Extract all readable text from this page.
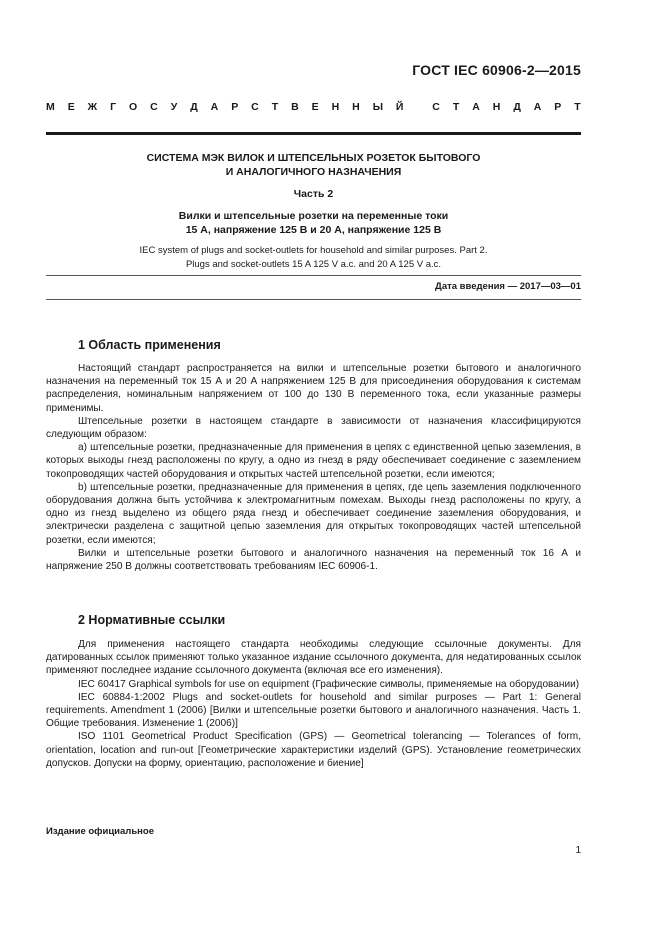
ГОСТ IEC 60906-2—2015
М Е Ж Г О С У Д А Р С Т В Е Н Н Ы Й
	С Т А Н Д А Р Т
СИСТЕМА МЭК ВИЛОК И ШТЕПСЕЛЬНЫХ РОЗЕТОК БЫТОВОГО
И АНАЛОГИЧНОГО НАЗНАЧЕНИЯ
Часть 2
Вилки и штепсельные розетки на переменные токи
15 А, напряжение 125 В и 20 А, напряжение 125 В
IEC system of plugs and socket-outlets for household and similar purposes. Part 2.
Plugs and socket-outlets 15 A 125 V a.c. and 20 A 125 V a.c.
Дата введения — 2017—03—01
1 Область применения

Настоящий стандарт распространяется на вилки и штепсельные розетки бытового и аналогичного назначения на переменный ток 15 А и 20 А напряжением 125 В для присоединения оборудования к системам распределения, номинальным напряжением от 100 до 130 В переменного тока, если указанные размеры применимы.

Штепсельные розетки в настоящем стандарте в зависимости от назначения классифицируются следующим образом:

a) штепсельные розетки, предназначенные для применения в цепях с единственной цепью заземления, в которых выходы гнезд расположены по кругу, а одно из гнезд в ряду обеспечивает соединение с заземлением токопроводящих частей оборудования и открытых частей штепсельной розетки, если имеются;

b) штепсельные розетки, предназначенные для применения в цепях, где цепь заземления подключенного оборудования должна быть устойчива к электромагнитным помехам. Выходы гнезд расположены по кругу, а одно из гнезд выделено из общего ряда гнезд и обеспечивает соединение заземления оборудования, и электрически разделена с защитной цепью заземления для открытых токопроводящих частей штепсельной розетки, если имеются;

Вилки и штепсельные розетки бытового и аналогичного назначения на переменный ток 16 А и напряжение 250 В должны соответствовать требованиям IEC 60906-1.

2 Нормативные ссылки

Для применения настоящего стандарта необходимы следующие ссылочные документы. Для датированных ссылок применяют только указанное издание ссылочного документа, для недатированных ссылок применяют последнее издание ссылочного документа (включая все его изменения).

IEC 60417 Graphical symbols for use on equipment (Графические символы, применяемые на оборудовании)

IEC 60884-1:2002 Plugs and socket-outlets for household and similar purposes — Part 1: General requirements. Amendment 1 (2006) [Вилки и штепсельные розетки бытового и аналогичного назначения. Часть 1. Общие требования. Изменение 1 (2006)]

ISO 1101 Geometrical Product Specification (GPS) — Geometrical tolerancing — Tolerances of form, orientation, location and run-out [Геометрические характеристики изделий (GPS). Установление геометрических допусков. Допуски на форму, ориентацию, расположение и биение]

Издание официальное
1
